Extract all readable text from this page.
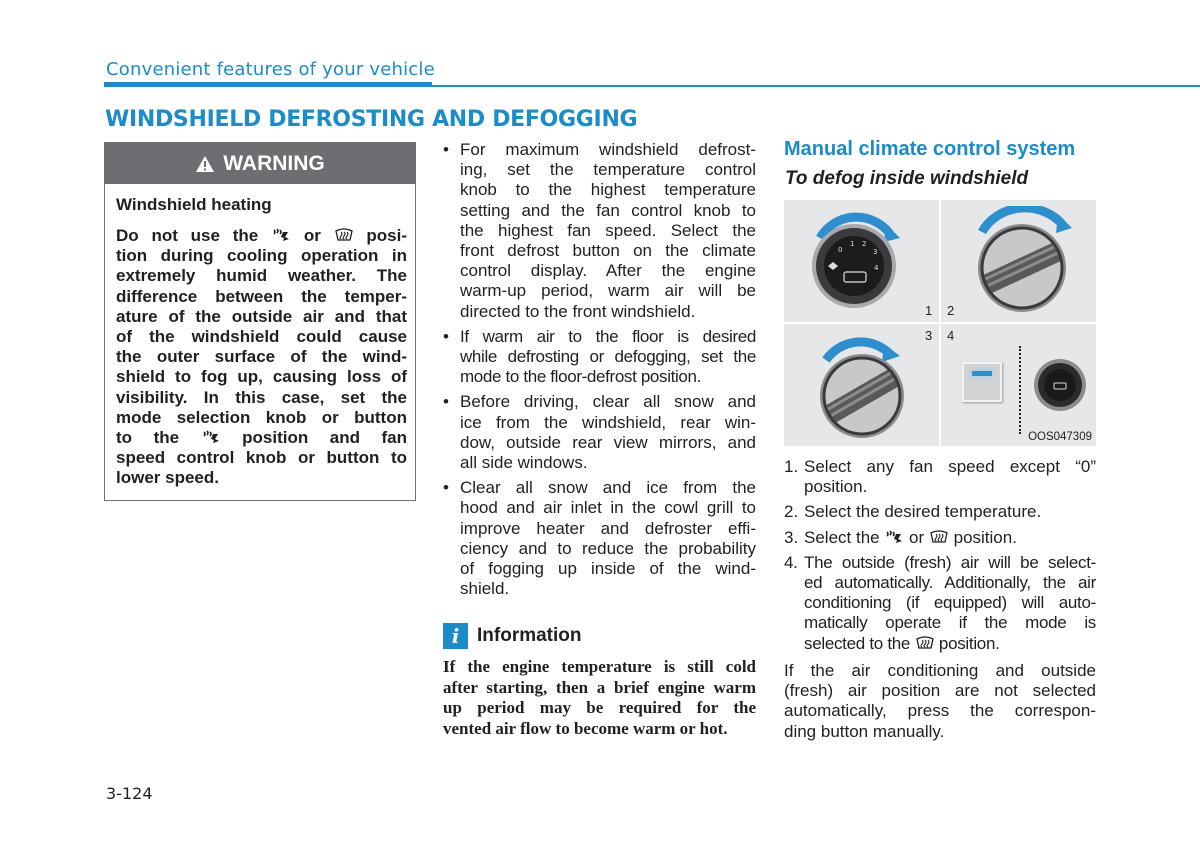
Convenient features of your vehicle
WINDSHIELD DEFROSTING AND DEFOGGING
WARNING
Windshield heating
Do not use the  or  posi-
tion during cooling operation in
extremely humid weather. The
difference between the temper-
ature of the outside air and that
of the windshield could cause
the outer surface of the wind-
shield to fog up, causing loss of
visibility. In this case, set the
mode selection knob or button
to the  position and fan
speed control knob or button to
lower speed.
• For maximum windshield defrost-
ing, set the temperature control
knob to the highest temperature
setting and the fan control knob to
the highest fan speed. Select the
front defrost button on the climate
control display. After the engine
warm-up period, warm air will be
directed to the front windshield.
• If warm air to the floor is desired
while defrosting or defogging, set the
mode to the floor-defrost position.
• Before driving, clear all snow and
ice from the windshield, rear win-
dow, outside rear view mirrors, and
all side windows.
• Clear all snow and ice from the
hood and air inlet in the cowl grill to
improve heater and defroster effi-
ciency and to reduce the probability
of fogging up inside of the wind-
shield.
i Information
If the engine temperature is still cold
after starting, then a brief engine warm
up period may be required for the
vented air flow to become warm or hot.
Manual climate control system
To defog inside windshield
0
1 2
3
4
1 2
3 4
OOS047309
1. Select any fan speed except “0”
position.
2. Select the desired temperature.
3. Select the  or  position.
4. The outside (fresh) air will be select-
ed automatically. Additionally, the air
conditioning (if equipped) will auto-
matically operate if the mode is
selected to the  position.
If the air conditioning and outside
(fresh) air position are not selected
automatically, press the correspon-
ding button manually.
3-124
